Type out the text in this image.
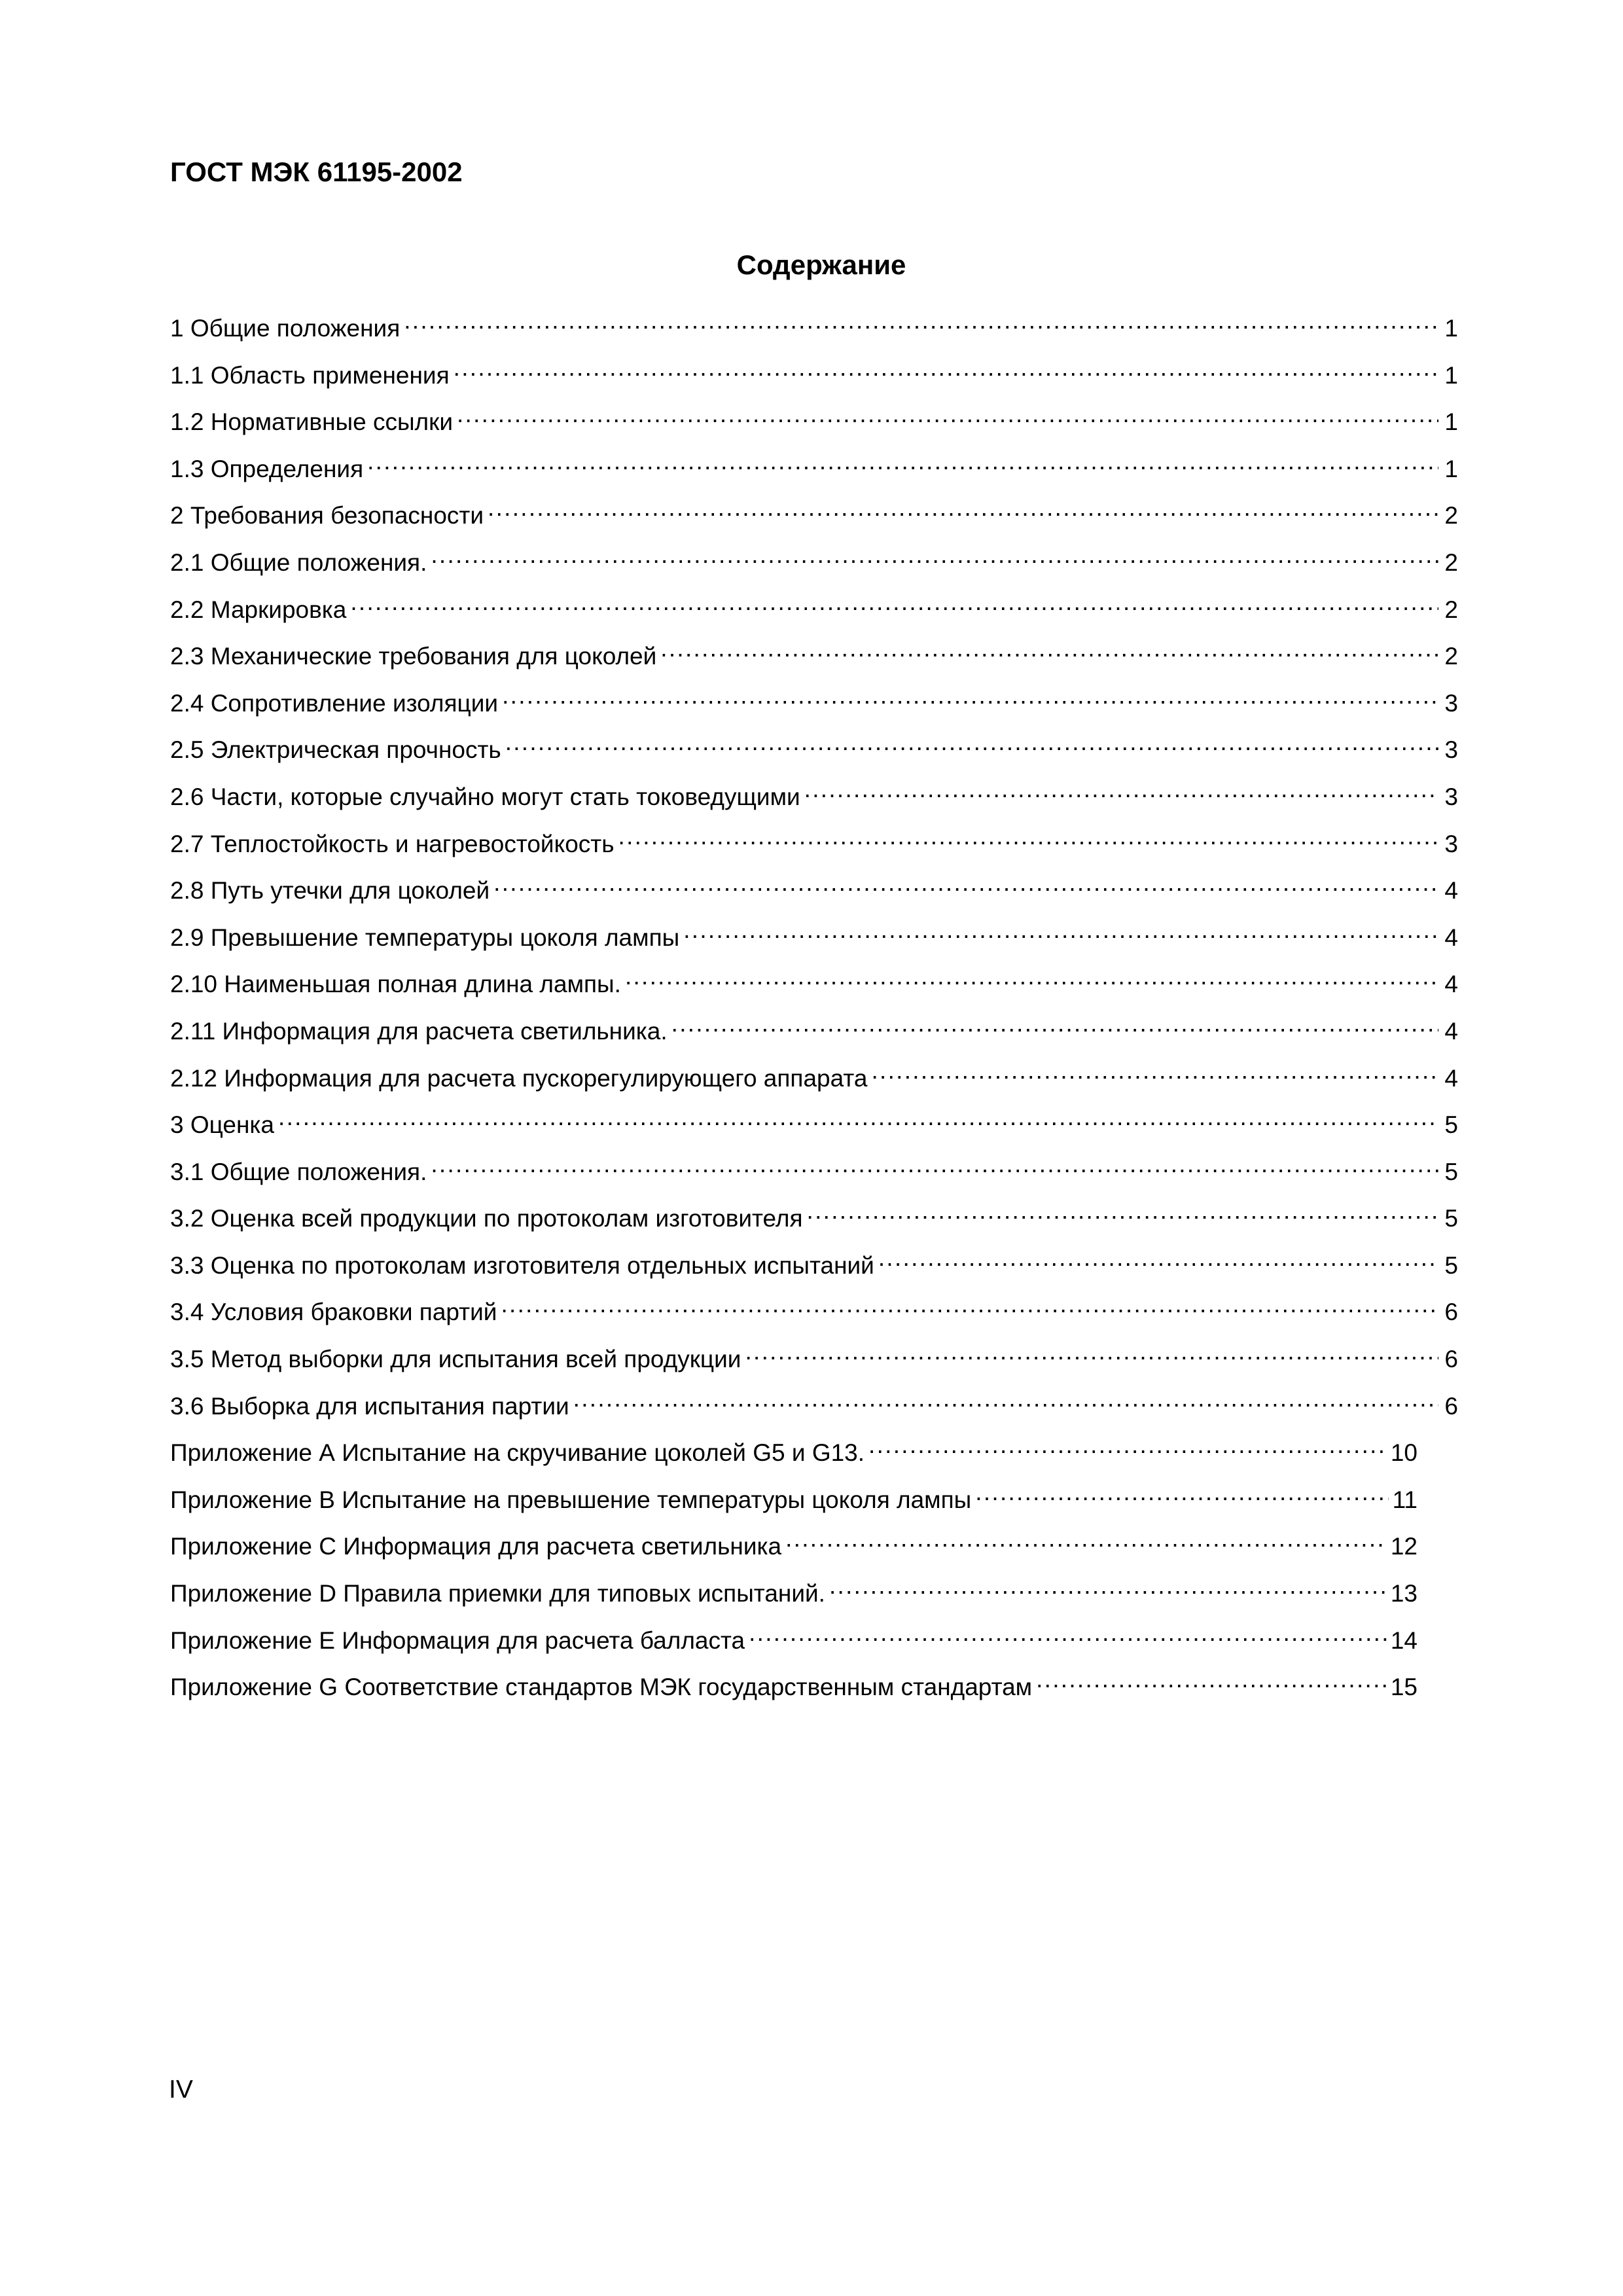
ГОСТ МЭК 61195-2002
Содержание
1 Общие положения . . .	1
1.1 Область применения . . .	1
1.2 Нормативные ссылки . . .	1
1.3 Определения . . .	1
2 Требования безопасности . . .	2
2.1 Общие положения. . . .	2
2.2 Маркировка . . .	2
2.3 Механические требования для цоколей . . .	2
2.4 Сопротивление изоляции . . .	3
2.5 Электрическая прочность . . .	3
2.6 Части, которые случайно могут стать токоведущими . . .	3
2.7 Теплостойкость и нагревостойкость . . .	3
2.8 Путь утечки для цоколей . . .	4
2.9 Превышение температуры цоколя лампы . . .	4
2.10 Наименьшая полная длина лампы. . . .	4
2.11 Информация для расчета светильника. . . .	4
2.12 Информация для расчета пускорегулирующего аппарата . . .	4
3 Оценка . . .	5
3.1 Общие положения. . . .	5
3.2 Оценка всей продукции по протоколам изготовителя . . .	5
3.3 Оценка по протоколам изготовителя отдельных испытаний . . .	5
3.4 Условия браковки партий . . .	6
3.5 Метод выборки для испытания всей продукции . . .	6
3.6 Выборка для испытания партии . . .	6
Приложение А Испытание на скручивание цоколей G5 и G13. . . .	10
Приложение В Испытание на превышение температуры цоколя лампы . . .	11
Приложение С Информация для расчета светильника . . .	12
Приложение D Правила приемки для типовых испытаний. . . .	13
Приложение Е Информация для расчета балласта . . .	14
Приложение G Соответствие стандартов МЭК государственным стандартам . . .	15

IV
